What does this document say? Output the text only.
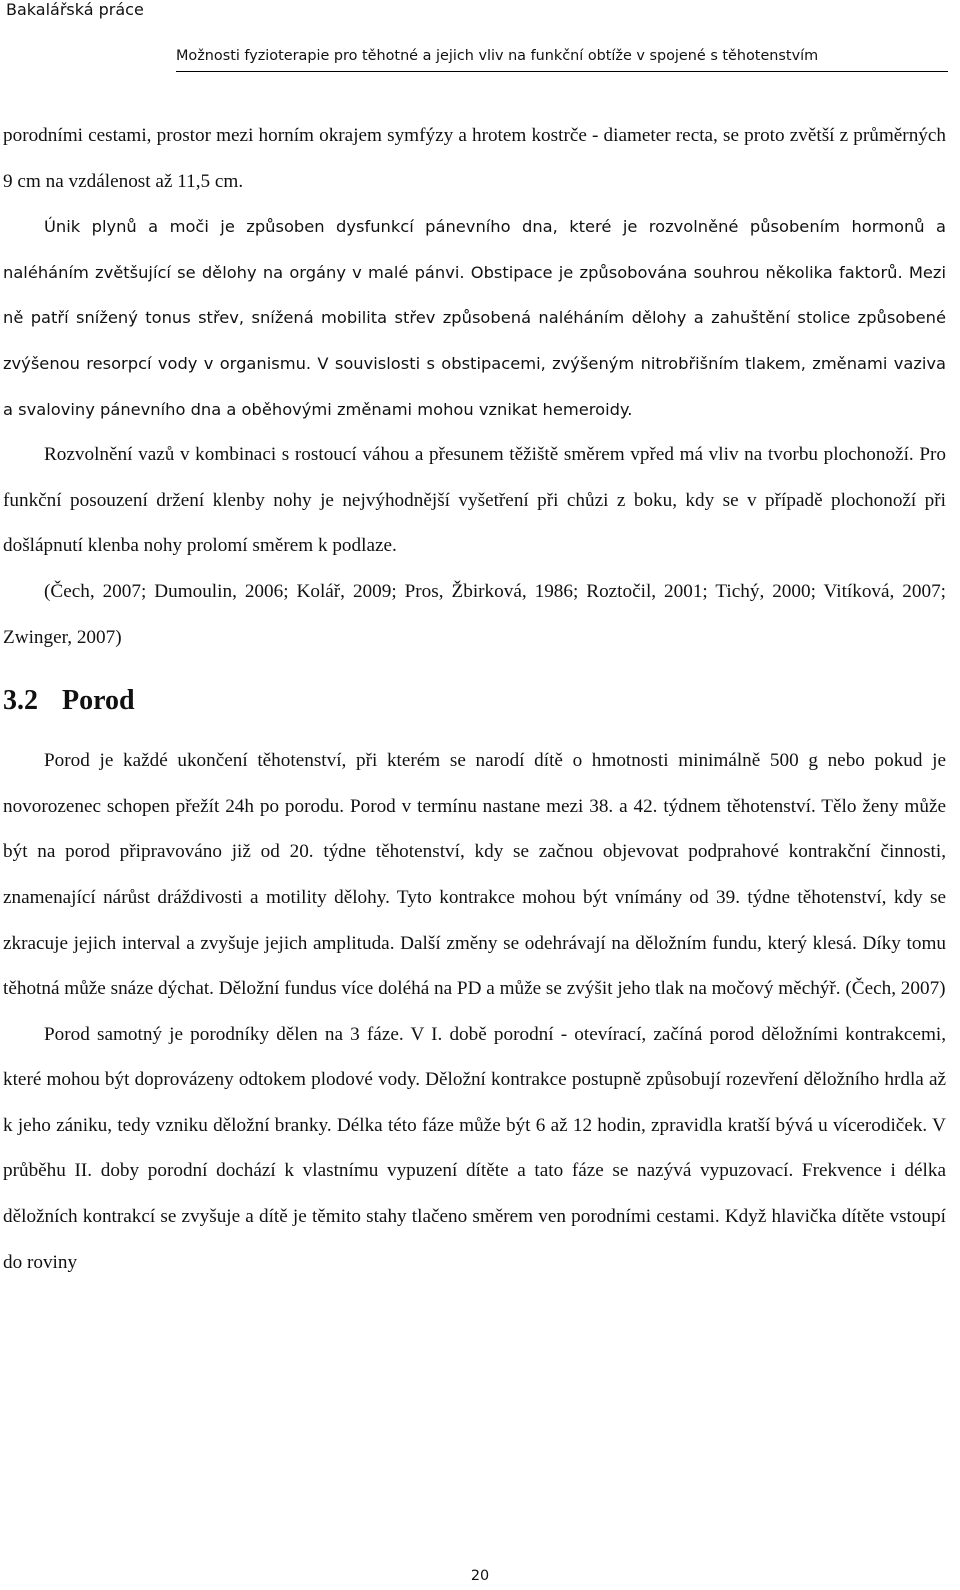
Bakalářská práce
Možnosti fyzioterapie pro těhotné a jejich vliv na funkční obtíže v spojené s těhotenstvím

porodními cestami, prostor mezi horním okrajem symfýzy a hrotem kostrče - diameter recta, se proto zvětší z průměrných 9 cm na vzdálenost až 11,5 cm.

Únik plynů a moči je způsoben dysfunkcí pánevního dna, které je rozvolněné působením hormonů a naléháním zvětšující se dělohy na orgány v malé pánvi. Obstipace je způsobována souhrou několika faktorů. Mezi ně patří snížený tonus střev, snížená mobilita střev způsobená naléháním dělohy a zahuštění stolice způsobené zvýšenou resorpcí vody v organismu. V souvislosti s obstipacemi, zvýšeným nitrobřišním tlakem, změnami vaziva a svaloviny pánevního dna a oběhovými změnami mohou vznikat hemeroidy.

Rozvolnění vazů v kombinaci s rostoucí váhou a přesunem těžiště směrem vpřed má vliv na tvorbu plochonoží. Pro funkční posouzení držení klenby nohy je nejvýhodnější vyšetření při chůzi z boku, kdy se v případě plochonoží při došlápnutí klenba nohy prolomí směrem k podlaze.

(Čech, 2007; Dumoulin, 2006; Kolář, 2009; Pros, Žbirková, 1986; Roztočil, 2001; Tichý, 2000; Vitíková, 2007; Zwinger, 2007)

3.2 Porod

Porod je každé ukončení těhotenství, při kterém se narodí dítě o hmotnosti minimálně 500 g nebo pokud je novorozenec schopen přežít 24h po porodu. Porod v termínu nastane mezi 38. a 42. týdnem těhotenství. Tělo ženy může být na porod připravováno již od 20. týdne těhotenství, kdy se začnou objevovat podprahové kontrakční činnosti, znamenající nárůst dráždivosti a motility dělohy. Tyto kontrakce mohou být vnímány od 39. týdne těhotenství, kdy se zkracuje jejich interval a zvyšuje jejich amplituda. Další změny se odehrávají na děložním fundu, který klesá. Díky tomu těhotná může snáze dýchat. Děložní fundus více doléhá na PD a může se zvýšit jeho tlak na močový měchýř. (Čech, 2007)

Porod samotný je porodníky dělen na 3 fáze. V I. době porodní - otevírací, začíná porod děložními kontrakcemi, které mohou být doprovázeny odtokem plodové vody. Děložní kontrakce postupně způsobují rozevření děložního hrdla až k jeho zániku, tedy vzniku děložní branky. Délka této fáze může být 6 až 12 hodin, zpravidla kratší bývá u vícerodiček. V průběhu II. doby porodní dochází k vlastnímu vypuzení dítěte a tato fáze se nazývá vypuzovací. Frekvence i délka děložních kontrakcí se zvyšuje a dítě je těmito stahy tlačeno směrem ven porodními cestami. Když hlavička dítěte vstoupí do roviny

20
